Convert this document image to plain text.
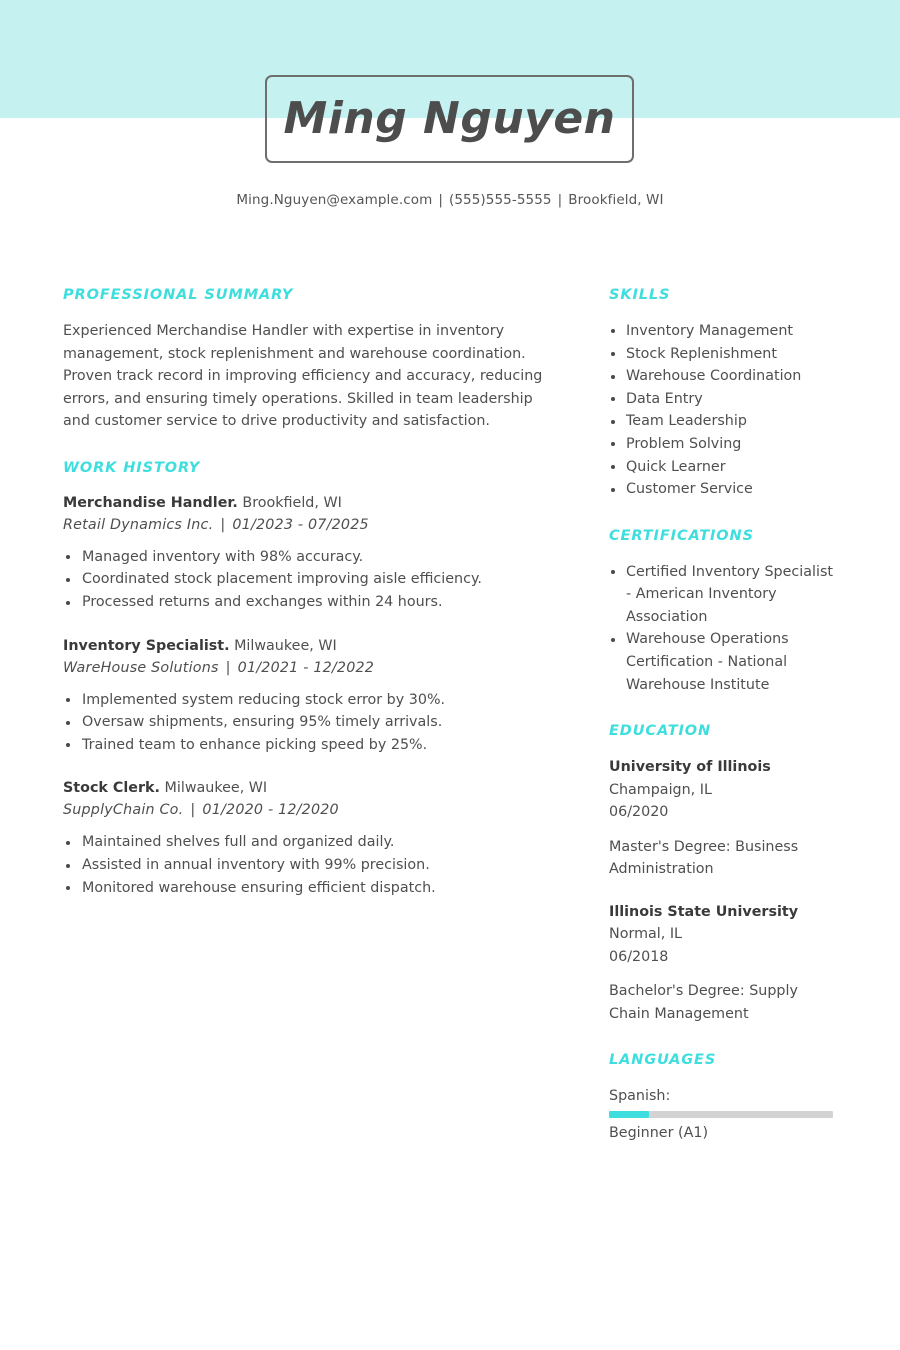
Ming Nguyen
Ming.Nguyen@example.com | (555)555-5555 | Brookfield, WI
PROFESSIONAL SUMMARY

Experienced Merchandise Handler with expertise in inventory management, stock replenishment and warehouse coordination. Proven track record in improving efficiency and accuracy, reducing errors, and ensuring timely operations. Skilled in team leadership and customer service to drive productivity and satisfaction.

WORK HISTORY
Merchandise Handler. Brookfield, WI
Retail Dynamics Inc. | 01/2023 - 07/2025
Managed inventory with 98% accuracy.
Coordinated stock placement improving aisle efficiency.
Processed returns and exchanges within 24 hours.
Inventory Specialist. Milwaukee, WI
WareHouse Solutions | 01/2021 - 12/2022
Implemented system reducing stock error by 30%.
Oversaw shipments, ensuring 95% timely arrivals.
Trained team to enhance picking speed by 25%.
Stock Clerk. Milwaukee, WI
SupplyChain Co. | 01/2020 - 12/2020
Maintained shelves full and organized daily.
Assisted in annual inventory with 99% precision.
Monitored warehouse ensuring efficient dispatch.
SKILLS
Inventory Management
Stock Replenishment
Warehouse Coordination
Data Entry
Team Leadership
Problem Solving
Quick Learner
Customer Service
CERTIFICATIONS
Certified Inventory Specialist - American Inventory Association
Warehouse Operations Certification - National Warehouse Institute
EDUCATION
University of Illinois
Champaign, IL
06/2020
Master's Degree: Business Administration
Illinois State University
Normal, IL
06/2018
Bachelor's Degree: Supply Chain Management
LANGUAGES
Spanish:
Beginner (A1)
